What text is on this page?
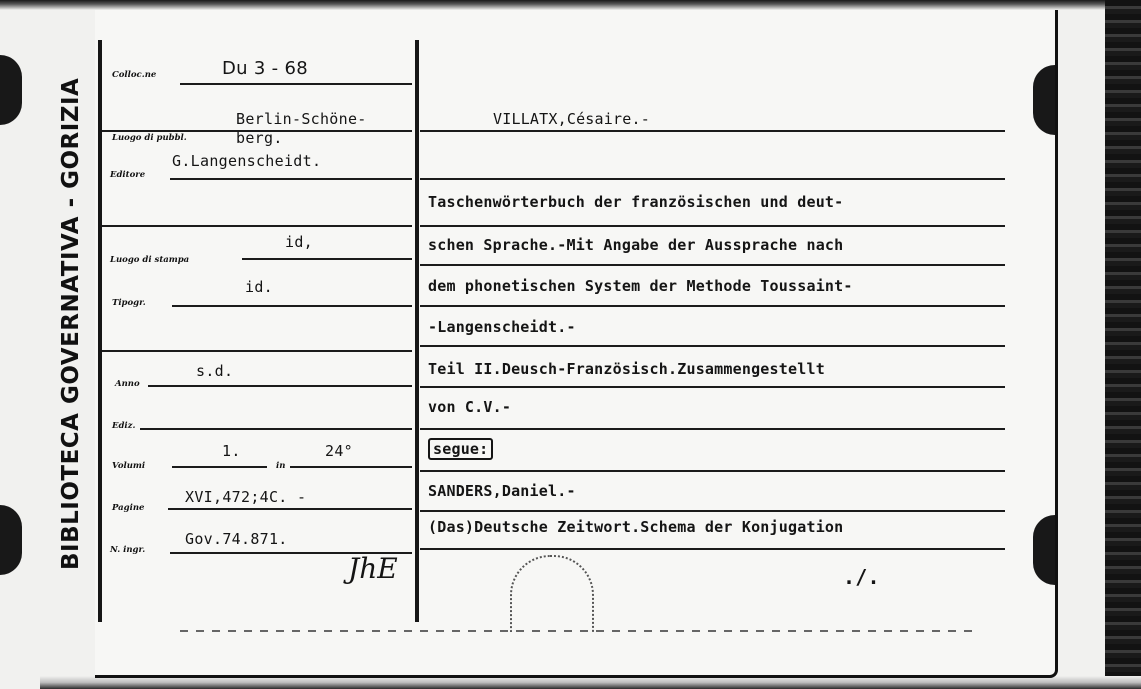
BIBLIOTECA GOVERNATIVA - GORIZIA
Colloc.ne
Luogo di pubbl.
Editore
Luogo di stampa
Tipogr.
Anno
Ediz.
Volumi	in
Pagine
N. ingr.
Du 3 - 68
Berlin-Schöne-
berg.
G.Langenscheidt.
id,
id.
s.d.
1.	24°
XVI,472;4C. -
Gov.74.871.
JhE
VILLATX,Césaire.-
Taschenwörterbuch der französischen und deut-
schen Sprache.-Mit Angabe der Aussprache nach
dem phonetischen System der Methode Toussaint-
-Langenscheidt.-
Teil II.Deusch-Französisch.Zusammengestellt
von C.V.-
segue:
SANDERS,Daniel.-
(Das)Deutsche Zeitwort.Schema der Konjugation
./.
